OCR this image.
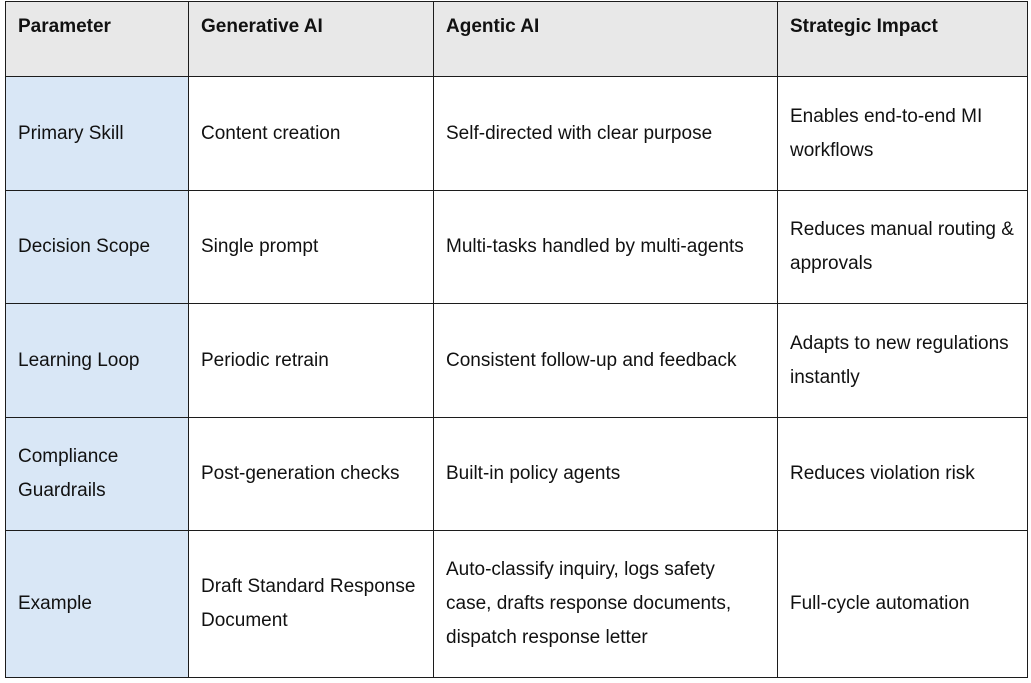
Parameter	Generative AI	Agentic AI	Strategic Impact
Primary Skill	Content creation	Self-directed with clear purpose	Enables end-to-end MI workflows
Decision Scope	Single prompt	Multi-tasks handled by multi-agents	Reduces manual routing & approvals
Learning Loop	Periodic retrain	Consistent follow-up and feedback	Adapts to new regulations instantly
Compliance Guardrails	Post-generation checks	Built-in policy agents	Reduces violation risk
Example	Draft Standard Response Document	Auto-classify inquiry, logs safety case, drafts response documents, dispatch response letter	Full-cycle automation
